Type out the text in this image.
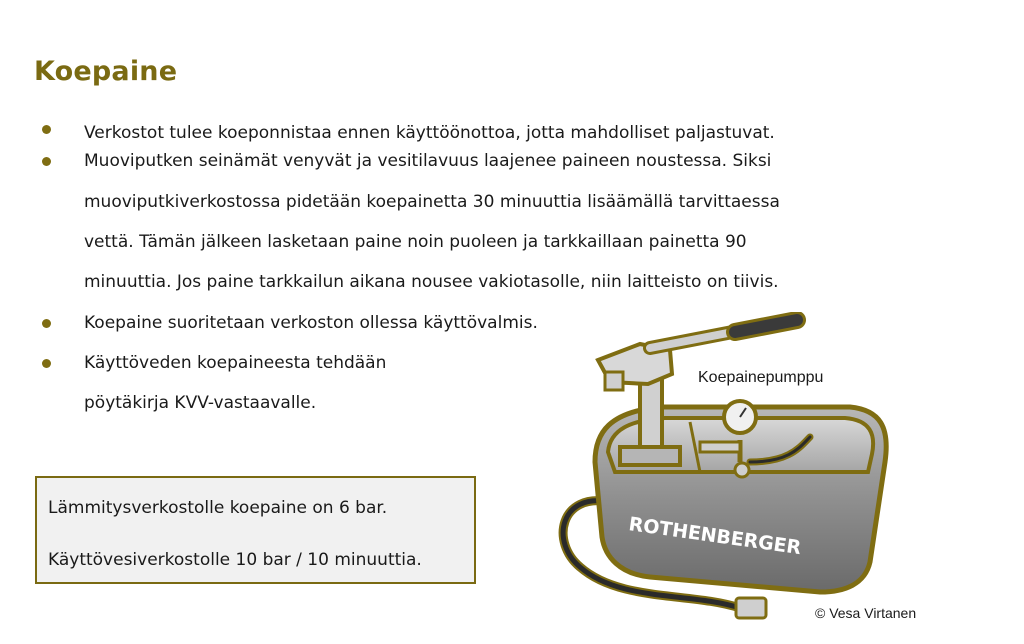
Koepaine
Verkostot tulee koeponnistaa ennen käyttöönottoa, jotta mahdolliset paljastuvat.
Muoviputken seinämät venyvät ja vesitilavuus laajenee paineen noustessa. Siksi
muoviputkiverkostossa pidetään koepainetta 30 minuuttia lisäämällä tarvittaessa
vettä. Tämän jälkeen lasketaan paine noin puoleen ja tarkkaillaan painetta 90
minuuttia. Jos paine tarkkailun aikana nousee vakiotasolle, niin laitteisto on tiivis.
Koepaine suoritetaan verkoston ollessa käyttövalmis.
Käyttöveden koepaineesta tehdään
pöytäkirja KVV-vastaavalle.
Lämmitysverkostolle koepaine on 6 bar.
Käyttövesiverkostolle 10 bar / 10 minuuttia.
ROTHENBERGER
Koepainepumppu
© Vesa Virtanen
